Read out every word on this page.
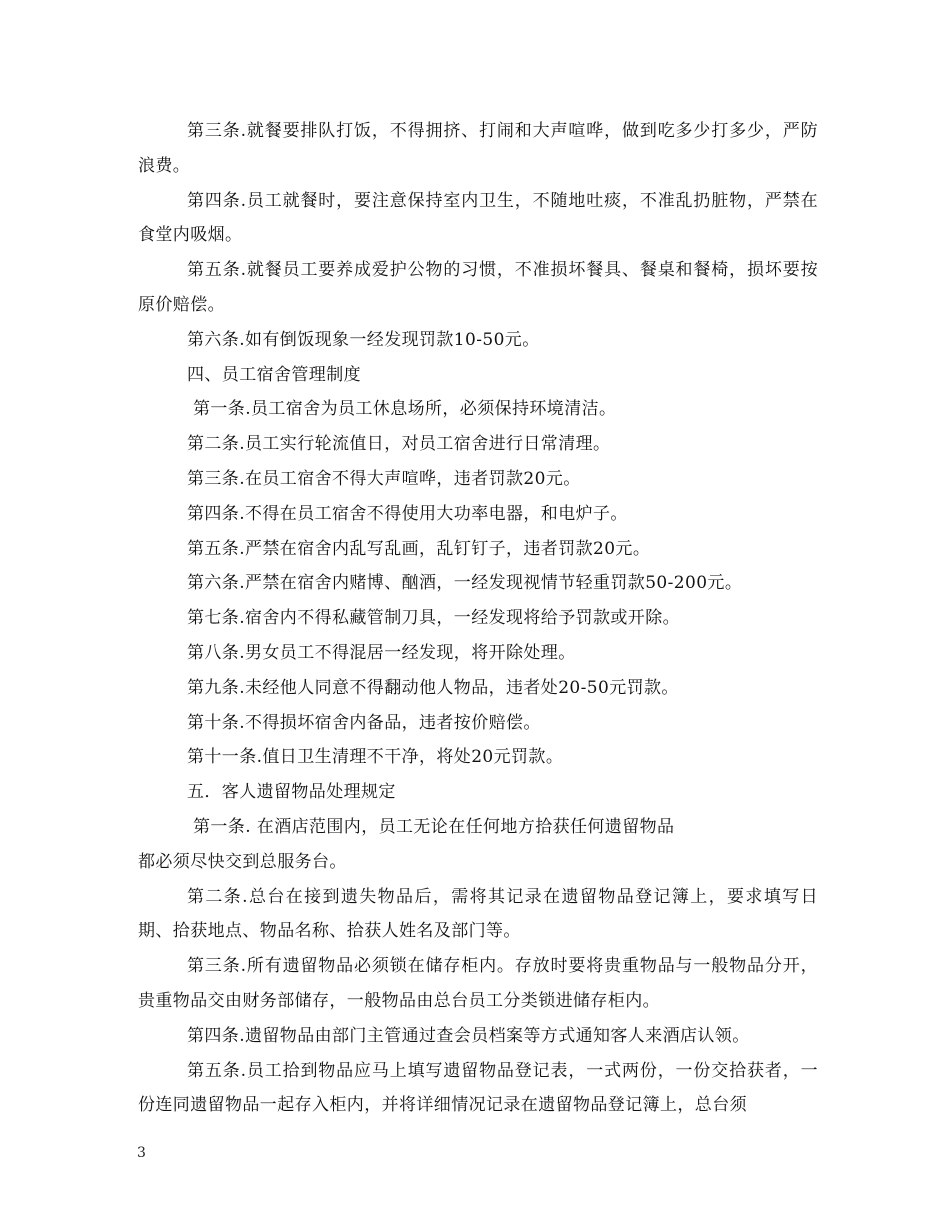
第三条.就餐要排队打饭，不得拥挤、打闹和大声喧哗，做到吃多少打多少，严防浪费。

第四条.员工就餐时，要注意保持室内卫生，不随地吐痰，不准乱扔脏物，严禁在食堂内吸烟。

第五条.就餐员工要养成爱护公物的习惯，不准损坏餐具、餐桌和餐椅，损坏要按原价赔偿。

第六条.如有倒饭现象一经发现罚款10-50元。

四、员工宿舍管理制度

第一条.员工宿舍为员工休息场所，必须保持环境清洁。

第二条.员工实行轮流值日，对员工宿舍进行日常清理。

第三条.在员工宿舍不得大声喧哗，违者罚款20元。

第四条.不得在员工宿舍不得使用大功率电器，和电炉子。

第五条.严禁在宿舍内乱写乱画，乱钉钉子，违者罚款20元。

第六条.严禁在宿舍内赌博、酗酒，一经发现视情节轻重罚款50-200元。

第七条.宿舍内不得私藏管制刀具，一经发现将给予罚款或开除。

第八条.男女员工不得混居一经发现，将开除处理。

第九条.未经他人同意不得翻动他人物品，违者处20-50元罚款。

第十条.不得损坏宿舍内备品，违者按价赔偿。

第十一条.值日卫生清理不干净，将处20元罚款。

五．客人遗留物品处理规定

第一条. 在酒店范围内，员工无论在任何地方拾获任何遗留物品

都必须尽快交到总服务台。

第二条.总台在接到遗失物品后，需将其记录在遗留物品登记簿上，要求填写日期、拾获地点、物品名称、拾获人姓名及部门等。

第三条.所有遗留物品必须锁在储存柜内。存放时要将贵重物品与一般物品分开，贵重物品交由财务部储存，一般物品由总台员工分类锁进储存柜内。

第四条.遗留物品由部门主管通过查会员档案等方式通知客人来酒店认领。

第五条.员工拾到物品应马上填写遗留物品登记表，一式两份，一份交拾获者，一份连同遗留物品一起存入柜内，并将详细情况记录在遗留物品登记簿上，总台须

3
